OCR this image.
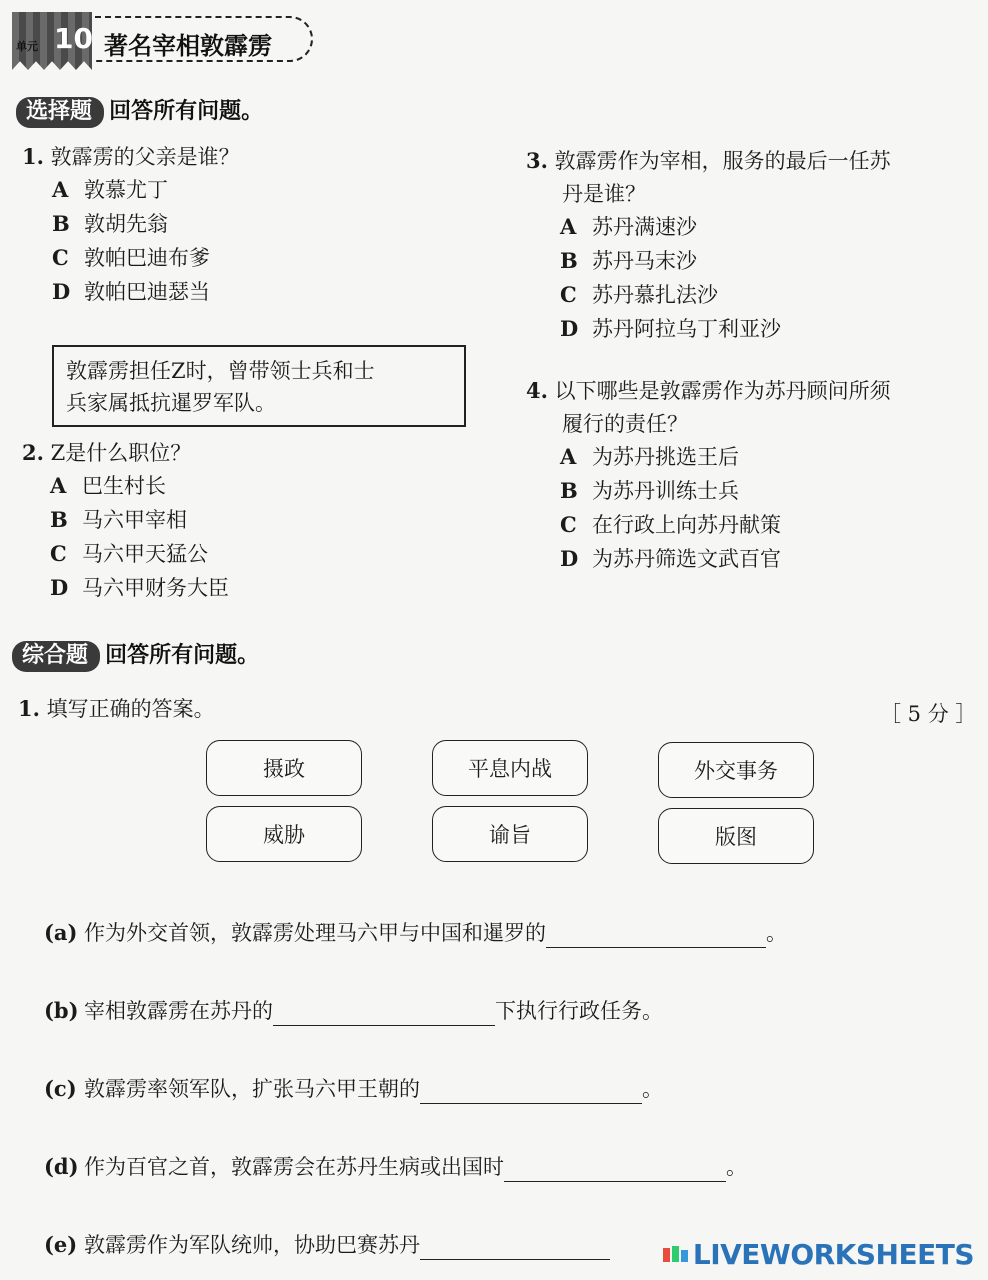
单元 10 著名宰相敦霹雳
选择题 回答所有问题。
1. 敦霹雳的父亲是谁？
A 敦慕尤丁
B 敦胡先翁
C 敦帕巴迪布爹
D 敦帕巴迪瑟当
敦霹雳担任Z时，曾带领士兵和士
兵家属抵抗暹罗军队。
2. Z是什么职位？
A 巴生村长
B 马六甲宰相
C 马六甲天猛公
D 马六甲财务大臣
3. 敦霹雳作为宰相，服务的最后一任苏
丹是谁？
A 苏丹满速沙
B 苏丹马末沙
C 苏丹慕扎法沙
D 苏丹阿拉乌丁利亚沙
4. 以下哪些是敦霹雳作为苏丹顾问所须
履行的责任？
A 为苏丹挑选王后
B 为苏丹训练士兵
C 在行政上向苏丹献策
D 为苏丹筛选文武百官
综合题 回答所有问题。
1. 填写正确的答案。	［ 5 分 ］
摄政	平息内战	外交事务
威胁	谕旨	版图
(a) 作为外交首领，敦霹雳处理马六甲与中国和暹罗的	。
(b) 宰相敦霹雳在苏丹的	下执行行政任务。
(c) 敦霹雳率领军队，扩张马六甲王朝的	。
(d) 作为百官之首，敦霹雳会在苏丹生病或出国时	。
(e) 敦霹雳作为军队统帅，协助巴赛苏丹	LIVEWORKSHEETS
